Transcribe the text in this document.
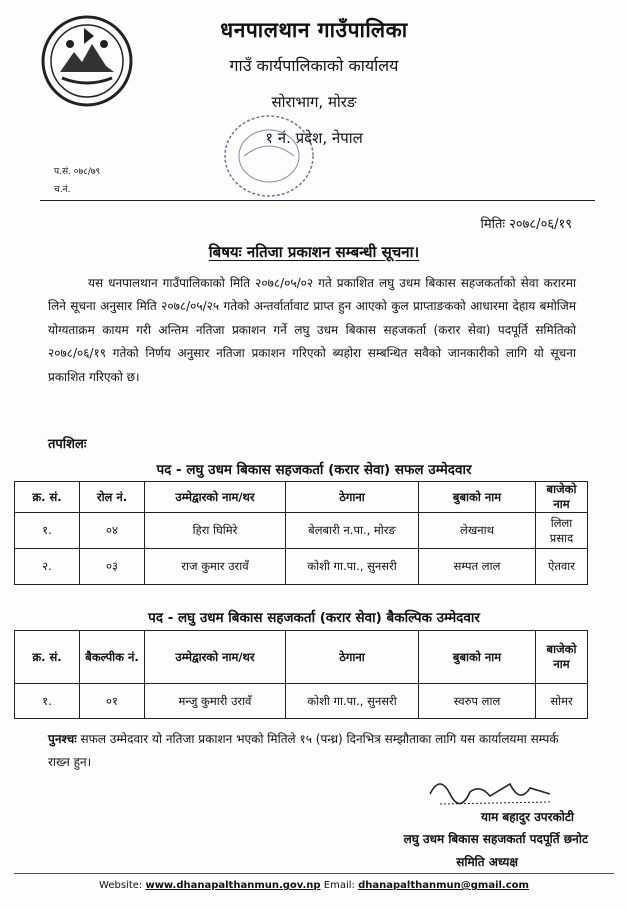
धनपालथान गाउँपालिका
गाउँ कार्यपालिकाको कार्यालय
सोराभाग, मोरङ
१ नं. प्रदेश, नेपाल
प.सं. ०७८/७९
च.नं.
मितिः २०७८/०६/१९
बिषयः नतिजा प्रकाशन सम्बन्धी सूचना।
यस धनपालथान गाउँपालिकाको मिति २०७८/०५/०२ गते प्रकाशित लघु उधम बिकास सहजकर्ताको सेवा करारमा लिने सूचना अनुसार मिति २०७८/०५/२५ गतेको अन्तर्वार्तावाट प्राप्त हुन आएको कुल प्राप्ताङकको आधारमा देहाय बमोजिम योग्यताक्रम कायम गरी अन्तिम नतिजा प्रकाशन गर्ने लघु उधम बिकास सहजकर्ता (करार सेवा) पदपूर्ति समितिको २०७८/०६/१९ गतेको निर्णय अनुसार नतिजा प्रकाशन गरिएको ब्यहोरा सम्बन्धित सवैको जानकारीको लागि यो सूचना प्रकाशित गरिएको छ।
तपशिलः
पद - लघु उधम बिकास सहजकर्ता (करार सेवा) सफल उम्मेदवार
क्र. सं.	रोल नं.	उम्मेद्वारको नाम/थर	ठेगाना	बुबाको नाम	बाजेको नाम
१.	०४	हिरा घिमिरे	बेलबारी न.पा., मोरङ	लेखनाथ	लिला प्रसाद
२.	०३	राज कुमार उरावँ	कोशी गा.पा., सुनसरी	सम्पत लाल	ऐतवार
पद - लघु उधम बिकास सहजकर्ता (करार सेवा) बैकल्पिक उम्मेदवार
क्र. सं.	बैकल्पीक नं.	उम्मेद्वारको नाम/थर	ठेगाना	बुबाको नाम	बाजेको नाम
१.	०१	मन्जु कुमारी उरावँ	कोशी गा.पा., सुनसरी	स्वरुप लाल	सोमर
पुनश्चः सफल उम्मेदवार यो नतिजा प्रकाशन भएको मितिले १५ (पन्ध्र) दिनभित्र सम्झौताका लागि यस कार्यालयमा सम्पर्क राख्न हुन।
याम बहादुर उपरकोटी
लघु उधम बिकास सहजकर्ता पदपूर्ति छनोट
समिति अध्यक्ष
Website: www.dhanapalthanmun.gov.np Email: dhanapalthanmun@gmail.com
